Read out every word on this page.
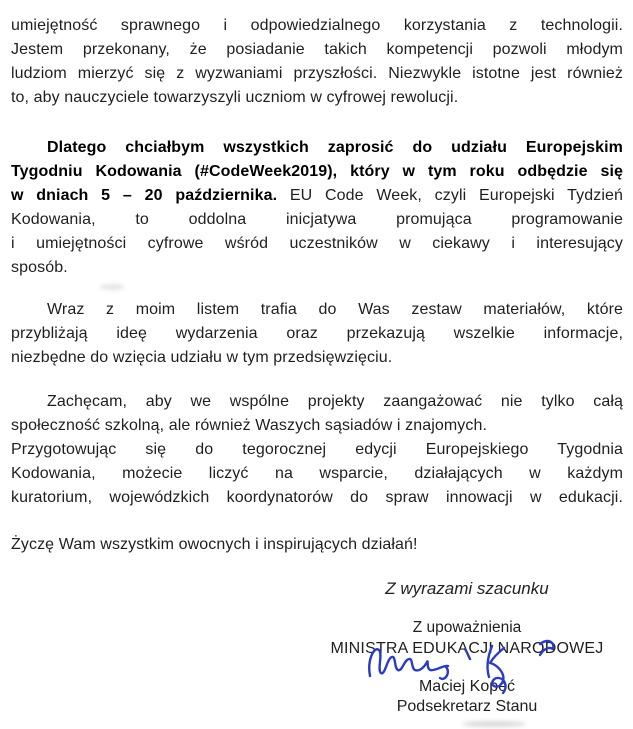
umiejętność sprawnego i odpowiedzialnego korzystania z technologii.
Jestem przekonany, że posiadanie takich kompetencji pozwoli młodym
ludziom mierzyć się z wyzwaniami przyszłości. Niezwykle istotne jest również
to, aby nauczyciele towarzyszyli uczniom w cyfrowej rewolucji.
Dlatego chciałbym wszystkich zaprosić do udziału Europejskim
Tygodniu Kodowania (#CodeWeek2019), który w tym roku odbędzie się
w dniach 5 – 20 października. EU Code Week, czyli Europejski Tydzień
Kodowania, to oddolna inicjatywa promująca programowanie
i umiejętności cyfrowe wśród uczestników w ciekawy i interesujący
sposób.
Wraz z moim listem trafia do Was zestaw materiałów, które
przybliżają ideę wydarzenia oraz przekazują wszelkie informacje,
niezbędne do wzięcia udziału w tym przedsięwzięciu.
Zachęcam, aby we wspólne projekty zaangażować nie tylko całą
społeczność szkolną, ale również Waszych sąsiadów i znajomych.
Przygotowując się do tegorocznej edycji Europejskiego Tygodnia
Kodowania, możecie liczyć na wsparcie, działających w każdym
kuratorium, wojewódzkich koordynatorów do spraw innowacji w edukacji.
Życzę Wam wszystkim owocnych i inspirujących działań!
Z wyrazami szacunku
Z upoważnienia
MINISTRA EDUKACJI NARODOWEJ
Maciej Kopeć
Podsekretarz Stanu
